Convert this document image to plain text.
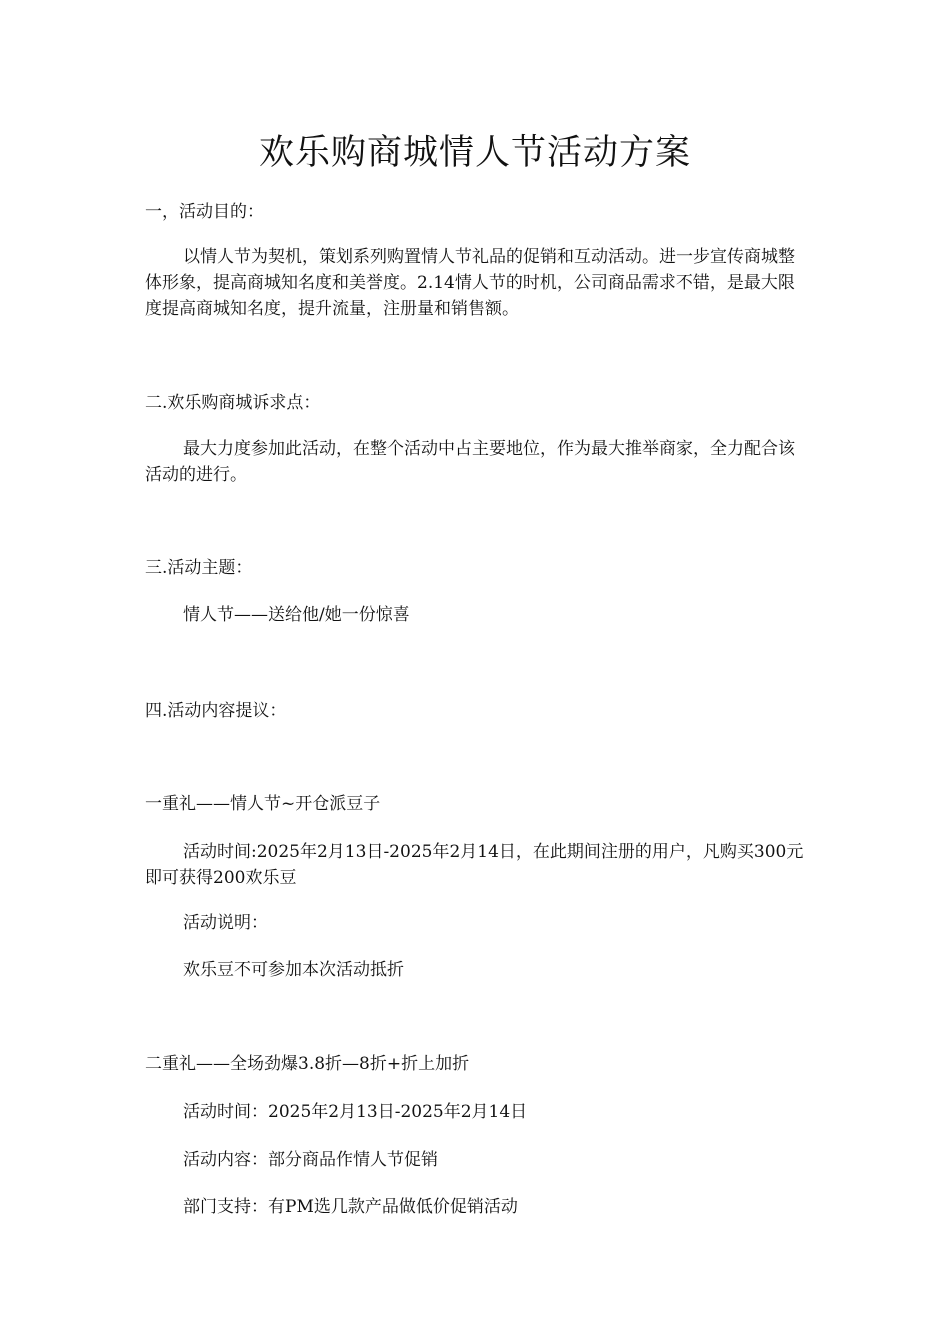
欢乐购商城情人节活动方案

一，活动目的：

以情人节为契机，策划系列购置情人节礼品的促销和互动活动。进一步宣传商城整体形象，提高商城知名度和美誉度。2.14情人节的时机，公司商品需求不错，是最大限度提高商城知名度，提升流量，注册量和销售额。

二.欢乐购商城诉求点：

最大力度参加此活动，在整个活动中占主要地位，作为最大推举商家，全力配合该活动的进行。

三.活动主题：

情人节——送给他/她一份惊喜

四.活动内容提议：

一重礼——情人节~开仓派豆子

活动时间:2025年2月13日-2025年2月14日，在此期间注册的用户，凡购买300元即可获得200欢乐豆

活动说明：

欢乐豆不可参加本次活动抵折

二重礼——全场劲爆3.8折—8折+折上加折

活动时间：2025年2月13日-2025年2月14日

活动内容：部分商品作情人节促销

部门支持：有PM选几款产品做低价促销活动
